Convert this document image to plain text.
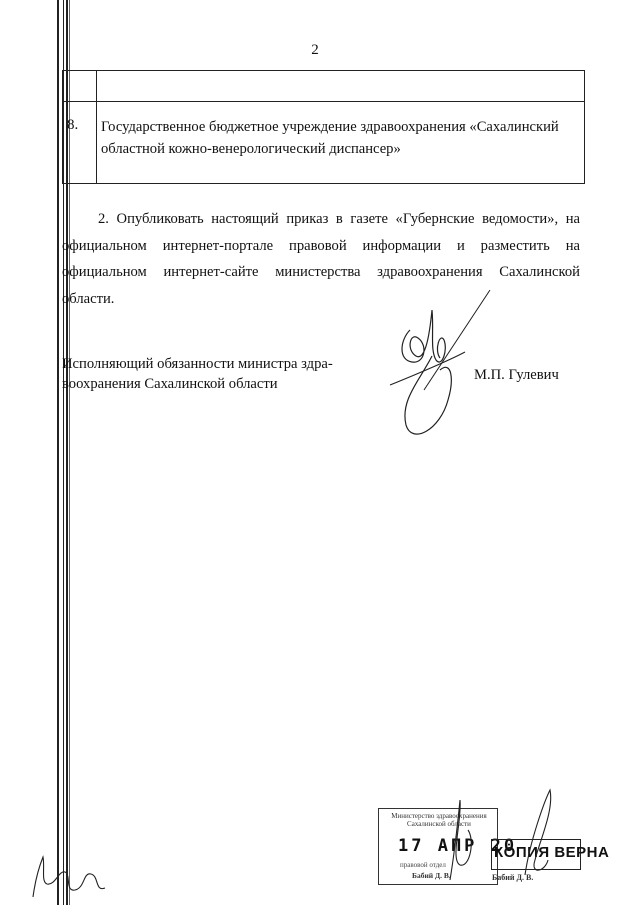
2
8. Государственное бюджетное учреждение здравоохранения «Сахалинский областной кожно-венерологический диспансер»
2. Опубликовать настоящий приказ в газете «Губернские ведомости», на официальном интернет-портале правовой информации и разместить на официальном интернет-сайте министерства здравоохранения Сахалинской области.
Исполняющий обязанности министра здра-
воохранения Сахалинской области
М.П. Гулевич
Министерство здравоохранения
Сахалинской области
17 АПР 20
правовой отдел
Бабий Д. В.
КОПИЯ ВЕРНА
Бабий Д. В.
